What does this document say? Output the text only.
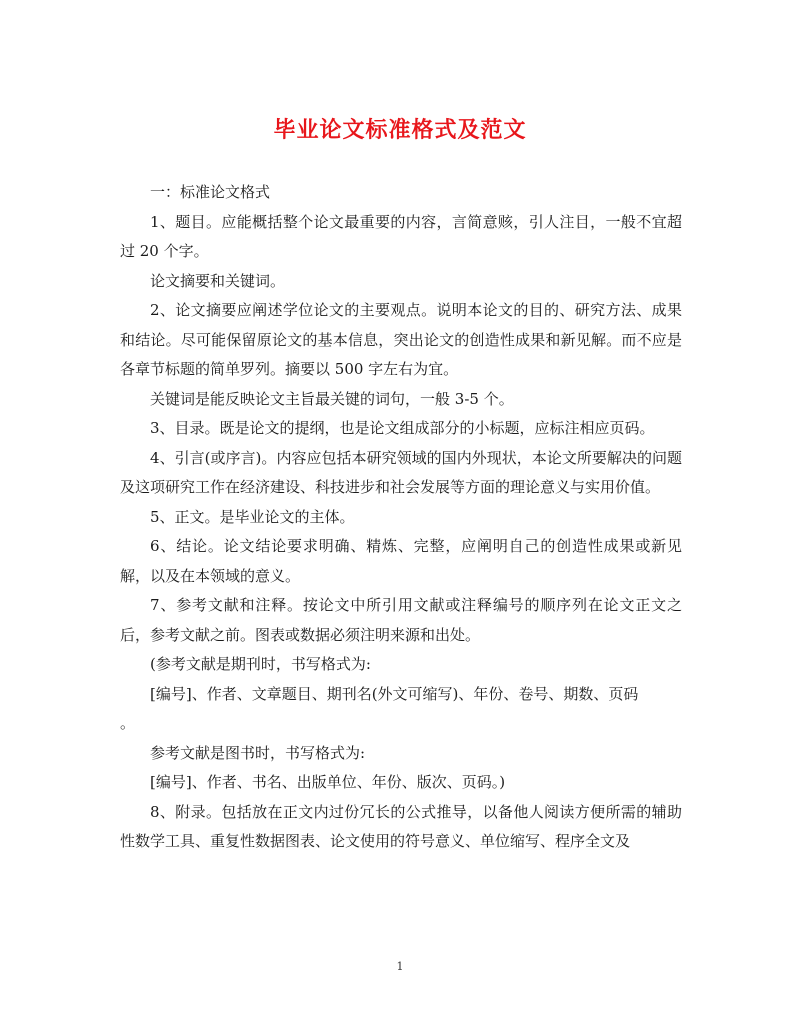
毕业论文标准格式及范文

一：标准论文格式

1、题目。应能概括整个论文最重要的内容，言简意赅，引人注目，一般不宜超过 20 个字。

论文摘要和关键词。

2、论文摘要应阐述学位论文的主要观点。说明本论文的目的、研究方法、成果和结论。尽可能保留原论文的基本信息，突出论文的创造性成果和新见解。而不应是各章节标题的简单罗列。摘要以 500 字左右为宜。

关键词是能反映论文主旨最关键的词句，一般 3-5 个。

3、目录。既是论文的提纲，也是论文组成部分的小标题，应标注相应页码。

4、引言(或序言)。内容应包括本研究领域的国内外现状，本论文所要解决的问题及这项研究工作在经济建设、科技进步和社会发展等方面的理论意义与实用价值。

5、正文。是毕业论文的主体。

6、结论。论文结论要求明确、精炼、完整，应阐明自己的创造性成果或新见解，以及在本领域的意义。

7、参考文献和注释。按论文中所引用文献或注释编号的顺序列在论文正文之后，参考文献之前。图表或数据必须注明来源和出处。

(参考文献是期刊时，书写格式为:

[编号]、作者、文章题目、期刊名(外文可缩写)、年份、卷号、期数、页码

。

参考文献是图书时，书写格式为:

[编号]、作者、书名、出版单位、年份、版次、页码。)

8、附录。包括放在正文内过份冗长的公式推导，以备他人阅读方便所需的辅助性数学工具、重复性数据图表、论文使用的符号意义、单位缩写、程序全文及

1
